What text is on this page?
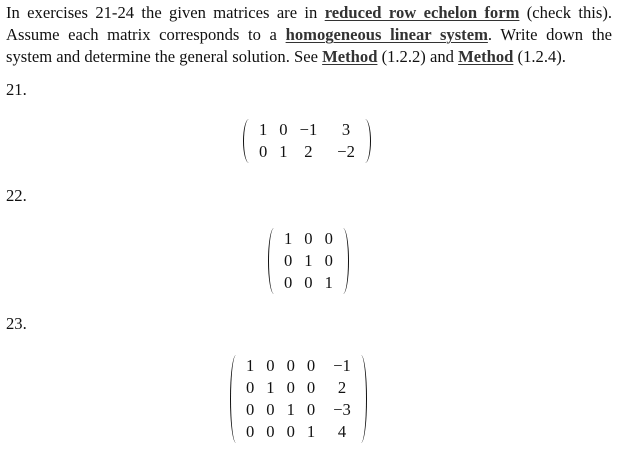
In exercises 21-24 the given matrices are in reduced row echelon form (check this). Assume each matrix corresponds to a homogeneous linear system. Write down the system and determine the general solution. See Method (1.2.2) and Method (1.2.4).
21.
1	0	−1	3
0	1	2	−2
22.
1	0	0
0	1	0
0	0	1
23.
1	0	0	0	−1
0	1	0	0	2
0	0	1	0	−3
0	0	0	1	4
